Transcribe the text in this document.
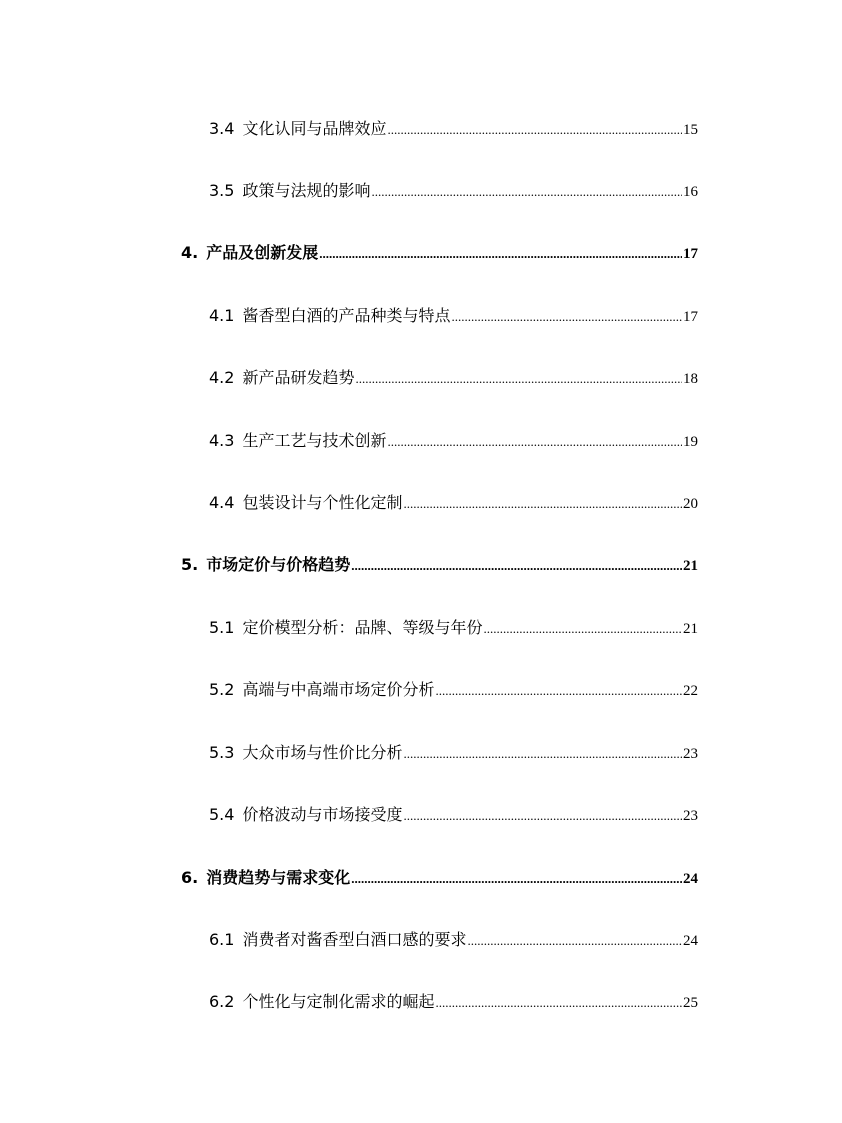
3.4 文化认同与品牌效应 .....	15
3.5 政策与法规的影响 .....	16
4. 产品及创新发展 .....	17
4.1 酱香型白酒的产品种类与特点 .....	17
4.2 新产品研发趋势 .....	18
4.3 生产工艺与技术创新 .....	19
4.4 包装设计与个性化定制 .....	20
5. 市场定价与价格趋势 .....	21
5.1 定价模型分析：品牌、等级与年份 .....	21
5.2 高端与中高端市场定价分析 .....	22
5.3 大众市场与性价比分析 .....	23
5.4 价格波动与市场接受度 .....	23
6. 消费趋势与需求变化 .....	24
6.1 消费者对酱香型白酒口感的要求 .....	24
6.2 个性化与定制化需求的崛起 .....	25
